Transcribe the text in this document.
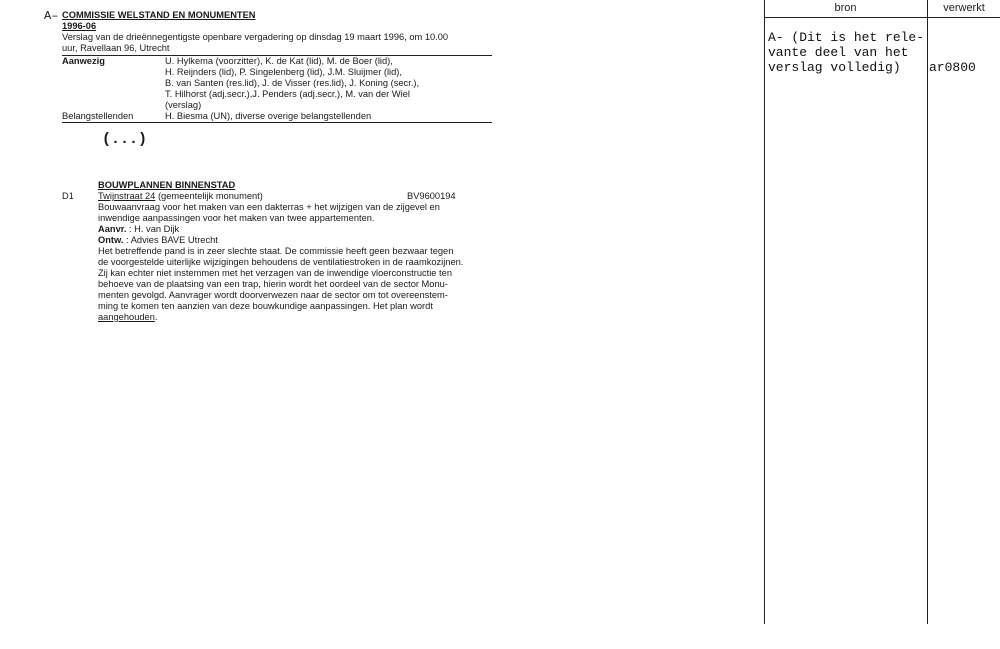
A– COMMISSIE WELSTAND EN MONUMENTEN
1996-06
Verslag van de drieënnegentigste openbare vergadering op dinsdag 19 maart 1996, om 10.00
uur, Ravellaan 96, Utrecht
Aanwezig	U. Hylkema (voorzitter), K. de Kat (lid), M. de Boer (lid),
H. Reijnders (lid), P. Singelenberg (lid), J.M. Sluijmer (lid),
B. van Santen (res.lid), J. de Visser (res.lid), J. Koning (secr.),
T. Hilhorst (adj.secr.),J. Penders (adj.secr.), M. van der Wiel
(verslag)
Belangstellenden	H. Biesma (UN), diverse overige belangstellenden
(...)
BOUWPLANNEN BINNENSTAD
D1	Twijnstraat 24 (gemeentelijk monument)	BV9600194
Bouwaanvraag voor het maken van een dakterras + het wijzigen van de zijgevel en
inwendige aanpassingen voor het maken van twee appartementen.
Aanvr. : H. van Dijk
Ontw. : Advies BAVE Utrecht
Het betreffende pand is in zeer slechte staat. De commissie heeft geen bezwaar tegen
de voorgestelde uiterlijke wijzigingen behoudens de ventilatiestroken in de raamkozijnen.
Zij kan echter niet instemmen met het verzagen van de inwendige vloerconstructie ten
behoeve van de plaatsing van een trap, hierin wordt het oordeel van de sector Monu-
menten gevolgd. Aanvrager wordt doorverwezen naar de sector om tot overeenstem-
ming te komen ten aanzien van deze bouwkundige aanpassingen. Het plan wordt
aangehouden.
bron	verwerkt
A- (Dit is het rele-
vante deel van het
verslag volledig) ar0800
